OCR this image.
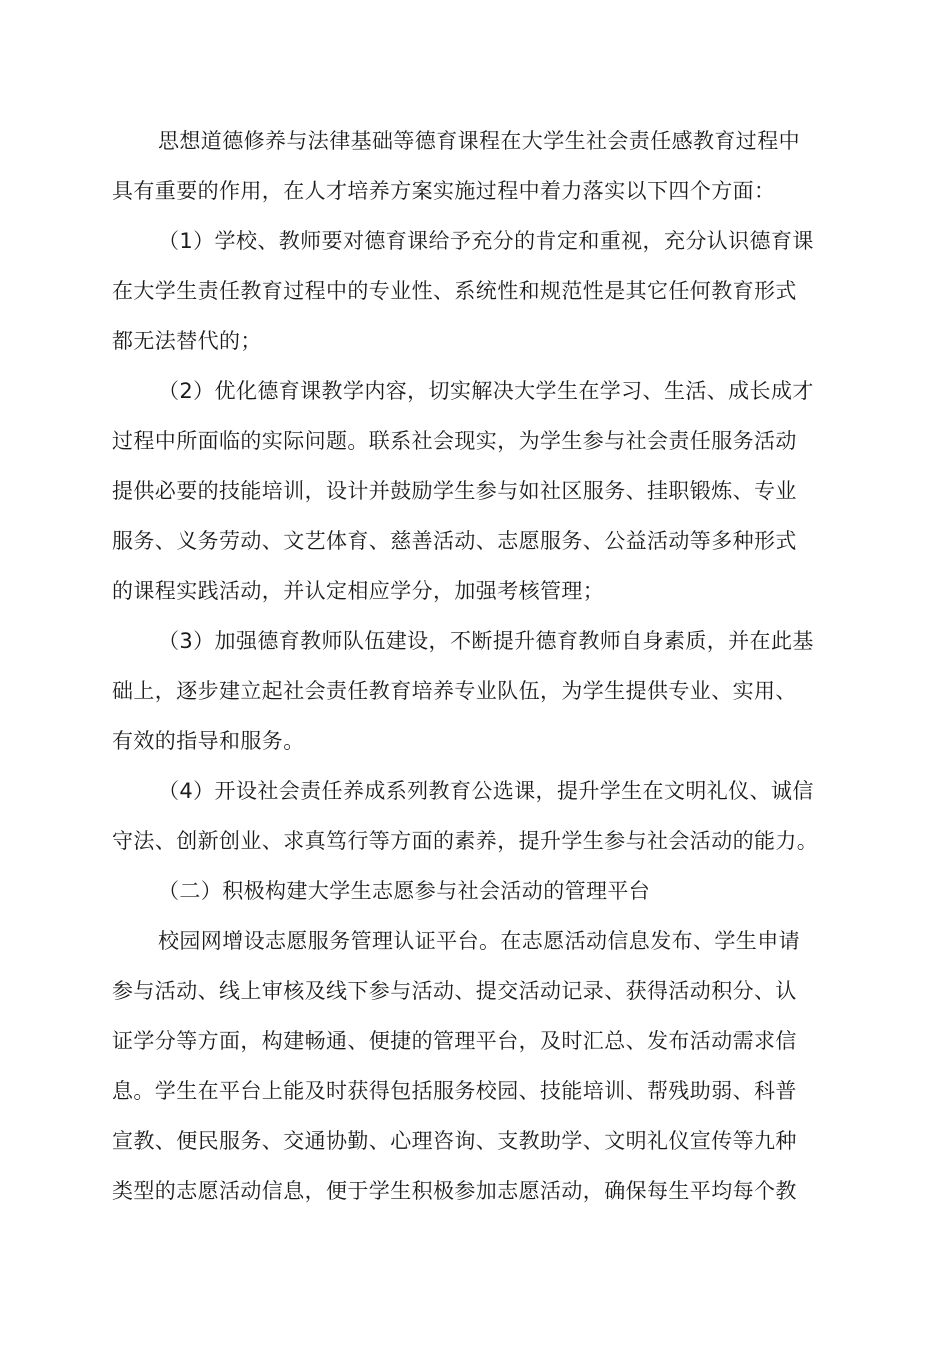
思想道德修养与法律基础等德育课程在大学生社会责任感教育过程中
具有重要的作用，在人才培养方案实施过程中着力落实以下四个方面：
（1）学校、教师要对德育课给予充分的肯定和重视，充分认识德育课
在大学生责任教育过程中的专业性、系统性和规范性是其它任何教育形式
都无法替代的；
（2）优化德育课教学内容，切实解决大学生在学习、生活、成长成才
过程中所面临的实际问题。联系社会现实，为学生参与社会责任服务活动
提供必要的技能培训，设计并鼓励学生参与如社区服务、挂职锻炼、专业
服务、义务劳动、文艺体育、慈善活动、志愿服务、公益活动等多种形式
的课程实践活动，并认定相应学分，加强考核管理；
（3）加强德育教师队伍建设，不断提升德育教师自身素质，并在此基
础上，逐步建立起社会责任教育培养专业队伍，为学生提供专业、实用、
有效的指导和服务。
（4）开设社会责任养成系列教育公选课，提升学生在文明礼仪、诚信
守法、创新创业、求真笃行等方面的素养，提升学生参与社会活动的能力。
（二）积极构建大学生志愿参与社会活动的管理平台
校园网增设志愿服务管理认证平台。在志愿活动信息发布、学生申请
参与活动、线上审核及线下参与活动、提交活动记录、获得活动积分、认
证学分等方面，构建畅通、便捷的管理平台，及时汇总、发布活动需求信
息。学生在平台上能及时获得包括服务校园、技能培训、帮残助弱、科普
宣教、便民服务、交通协勤、心理咨询、支教助学、文明礼仪宣传等九种
类型的志愿活动信息，便于学生积极参加志愿活动，确保每生平均每个教
